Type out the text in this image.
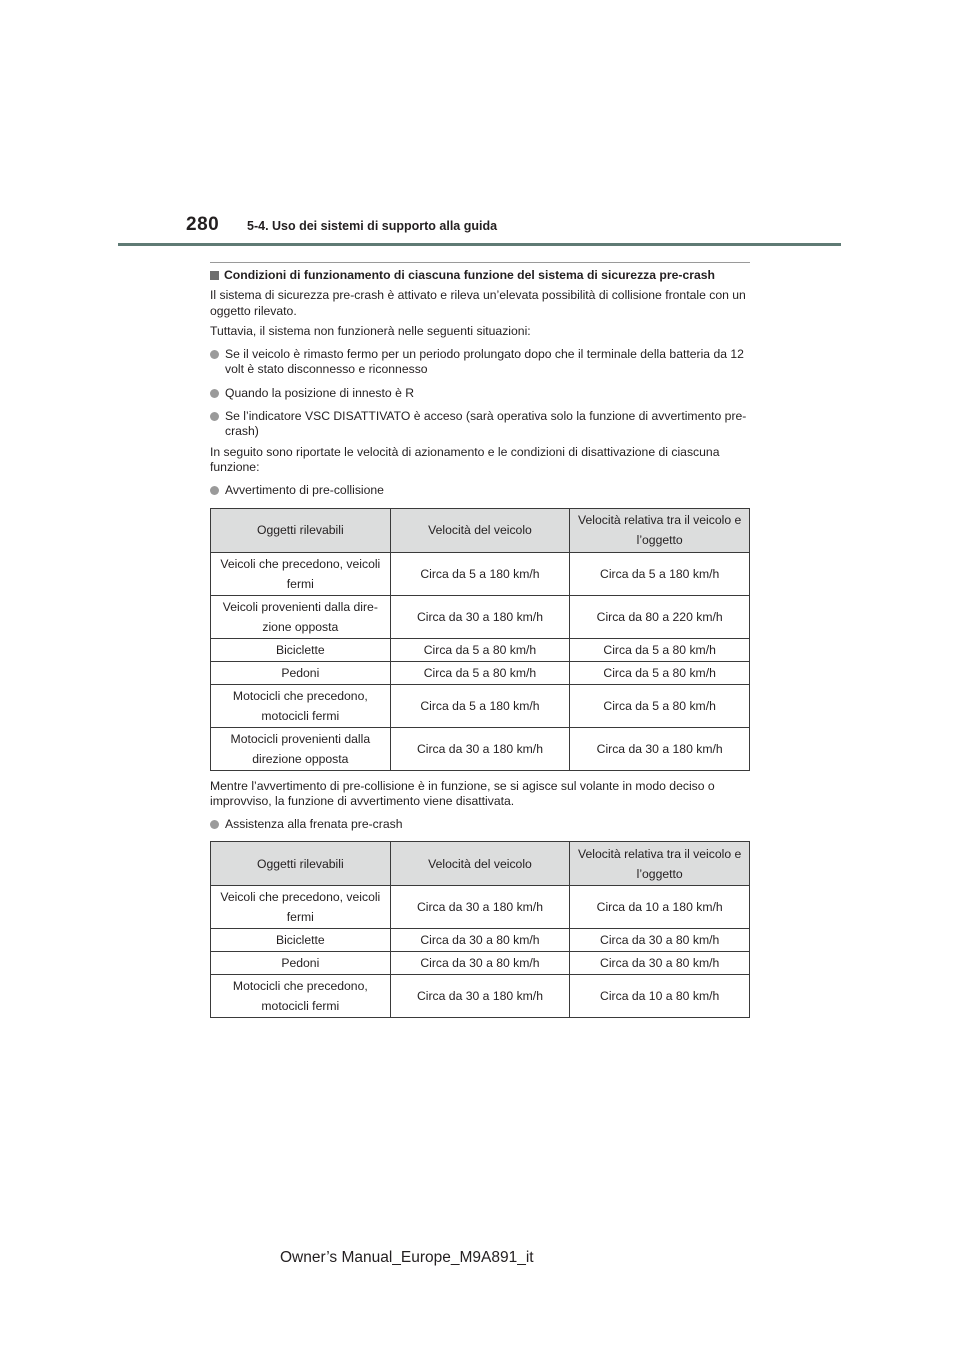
280 5-4. Uso dei sistemi di supporto alla guida
Condizioni di funzionamento di ciascuna funzione del sistema di sicurezza pre-crash

Il sistema di sicurezza pre-crash è attivato e rileva un’elevata possibilità di collisione frontale con un oggetto rilevato.

Tuttavia, il sistema non funzionerà nelle seguenti situazioni:

Se il veicolo è rimasto fermo per un periodo prolungato dopo che il terminale della batteria da 12 volt è stato disconnesso e riconnesso
Quando la posizione di innesto è R
Se l’indicatore VSC DISATTIVATO è acceso (sarà operativa solo la funzione di avvertimento pre-crash)

In seguito sono riportate le velocità di azionamento e le condizioni di disattivazione di ciascuna funzione:

Avvertimento di pre-collisione
Oggetti rilevabili	Velocità del veicolo	Velocità relativa tra il veicolo e l’oggetto
Veicoli che precedono, veicoli fermi	Circa da 5 a 180 km/h	Circa da 5 a 180 km/h
Veicoli provenienti dalla dire-zione opposta	Circa da 30 a 180 km/h	Circa da 80 a 220 km/h
Biciclette	Circa da 5 a 80 km/h	Circa da 5 a 80 km/h
Pedoni	Circa da 5 a 80 km/h	Circa da 5 a 80 km/h
Motocicli che precedono, motocicli fermi	Circa da 5 a 180 km/h	Circa da 5 a 80 km/h
Motocicli provenienti dalla direzione opposta	Circa da 30 a 180 km/h	Circa da 30 a 180 km/h

Mentre l’avvertimento di pre-collisione è in funzione, se si agisce sul volante in modo deciso o improvviso, la funzione di avvertimento viene disattivata.

Assistenza alla frenata pre-crash
Oggetti rilevabili	Velocità del veicolo	Velocità relativa tra il veicolo e l’oggetto
Veicoli che precedono, veicoli fermi	Circa da 30 a 180 km/h	Circa da 10 a 180 km/h
Biciclette	Circa da 30 a 80 km/h	Circa da 30 a 80 km/h
Pedoni	Circa da 30 a 80 km/h	Circa da 30 a 80 km/h
Motocicli che precedono, motocicli fermi	Circa da 30 a 180 km/h	Circa da 10 a 80 km/h
Owner’s Manual_Europe_M9A891_it
